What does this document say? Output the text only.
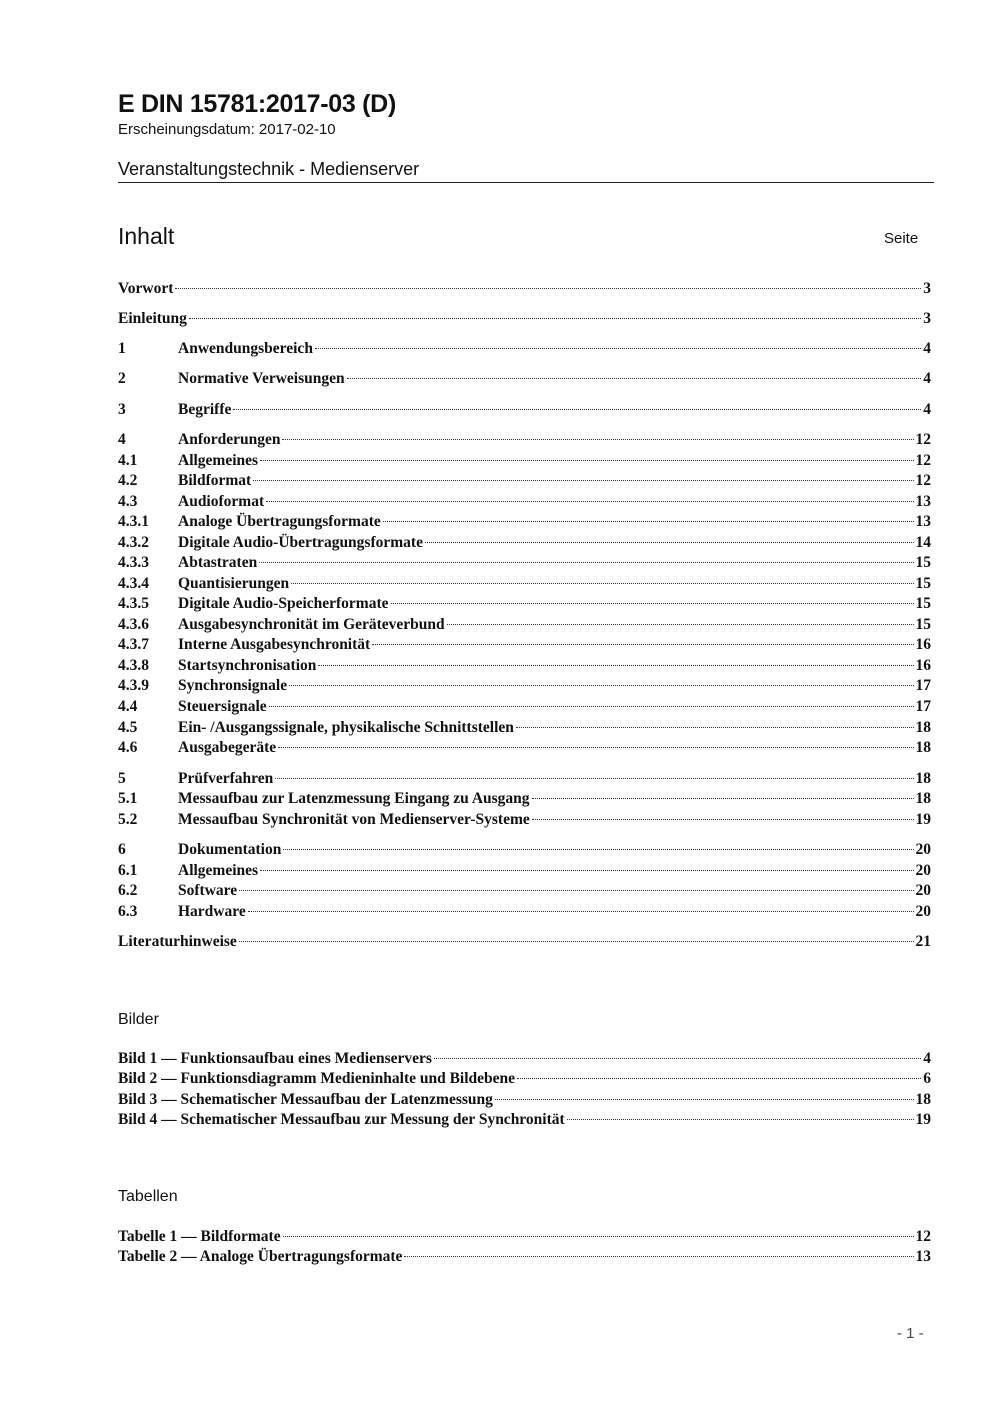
E DIN 15781:2017-03 (D)
Erscheinungsdatum: 2017-02-10
Veranstaltungstechnik - Medienserver
Inhalt	Seite
Vorwort	3
Einleitung	3
1	Anwendungsbereich	4
2	Normative Verweisungen	4
3	Begriffe	4
4	Anforderungen	12
4.1	Allgemeines	12
4.2	Bildformat	12
4.3	Audioformat	13
4.3.1	Analoge Übertragungsformate	13
4.3.2	Digitale Audio-Übertragungsformate	14
4.3.3	Abtastraten	15
4.3.4	Quantisierungen	15
4.3.5	Digitale Audio-Speicherformate	15
4.3.6	Ausgabesynchronität im Geräteverbund	15
4.3.7	Interne Ausgabesynchronität	16
4.3.8	Startsynchronisation	16
4.3.9	Synchronsignale	17
4.4	Steuersignale	17
4.5	Ein- /Ausgangssignale, physikalische Schnittstellen	18
4.6	Ausgabegeräte	18
5	Prüfverfahren	18
5.1	Messaufbau zur Latenzmessung Eingang zu Ausgang	18
5.2	Messaufbau Synchronität von Medienserver-Systeme	19
6	Dokumentation	20
6.1	Allgemeines	20
6.2	Software	20
6.3	Hardware	20
Literaturhinweise	21
Bilder
Bild 1 — Funktionsaufbau eines Medienservers	4
Bild 2 — Funktionsdiagramm Medieninhalte und Bildebene	6
Bild 3 — Schematischer Messaufbau der Latenzmessung	18
Bild 4 — Schematischer Messaufbau zur Messung der Synchronität	19
Tabellen
Tabelle 1 — Bildformate	12
Tabelle 2 — Analoge Übertragungsformate	13
- 1 -
